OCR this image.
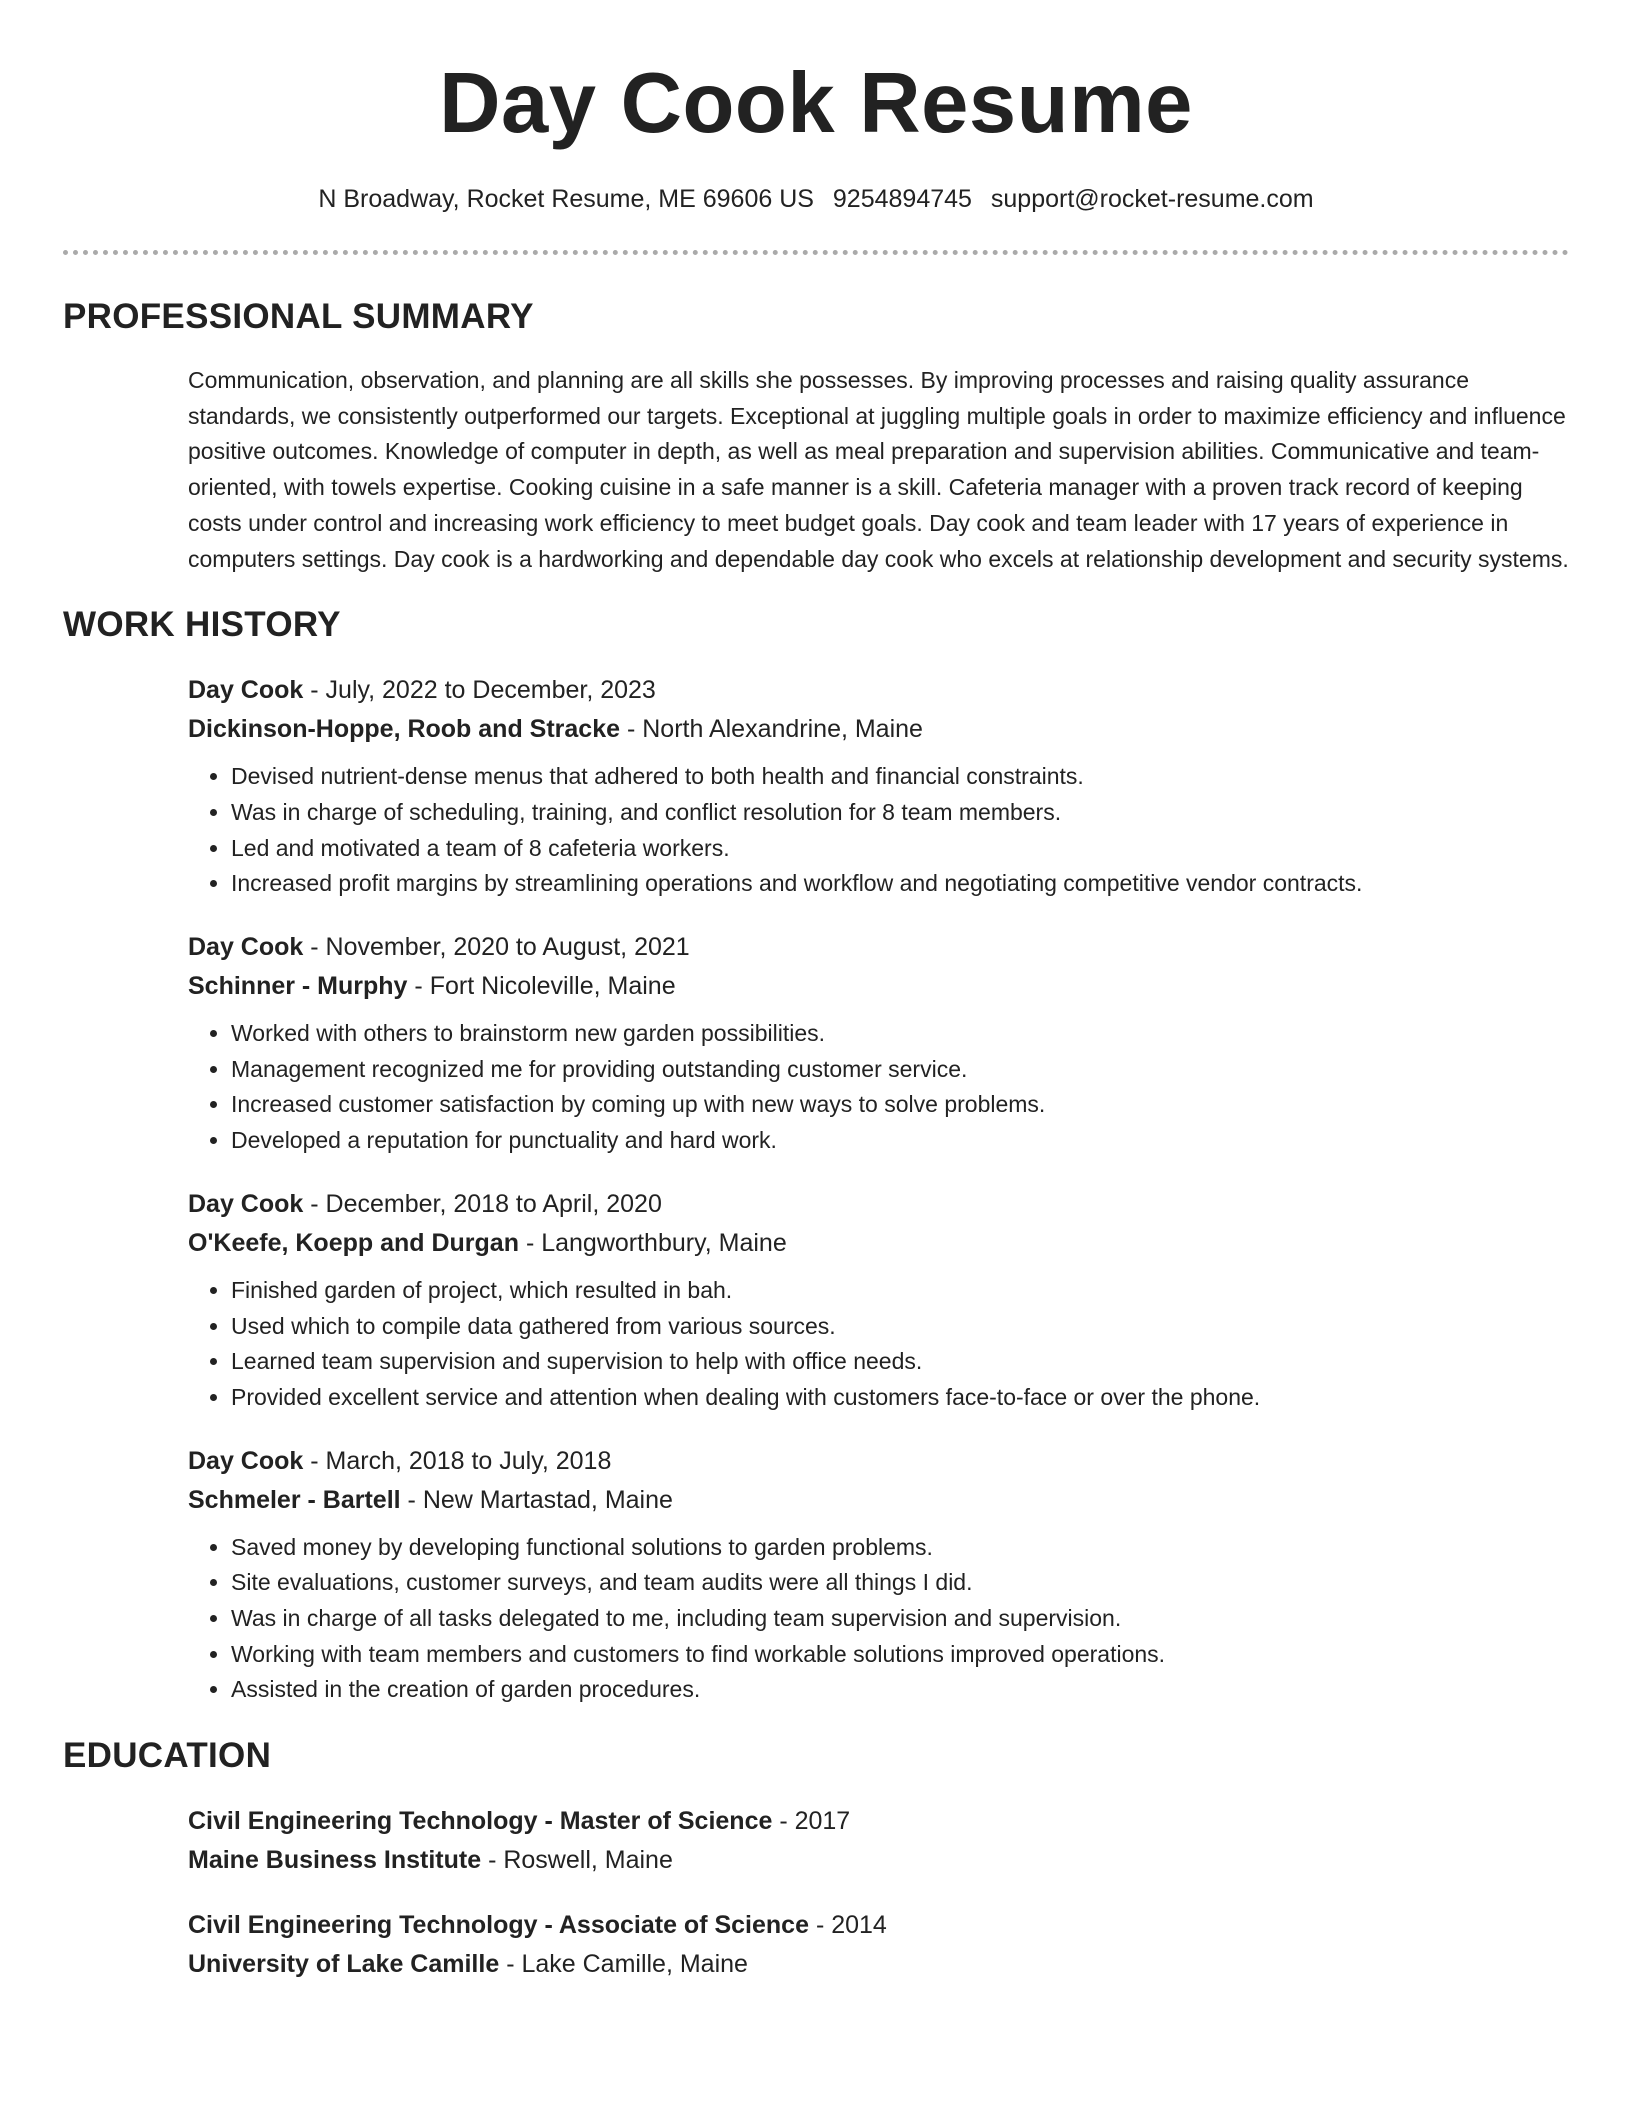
Day Cook Resume
N Broadway, Rocket Resume, ME 69606 US 9254894745 support@rocket-resume.com
PROFESSIONAL SUMMARY

Communication, observation, and planning are all skills she possesses. By improving processes and raising quality assurance standards, we consistently outperformed our targets. Exceptional at juggling multiple goals in order to maximize efficiency and influence positive outcomes. Knowledge of computer in depth, as well as meal preparation and supervision abilities. Communicative and team-oriented, with towels expertise. Cooking cuisine in a safe manner is a skill. Cafeteria manager with a proven track record of keeping costs under control and increasing work efficiency to meet budget goals. Day cook and team leader with 17 years of experience in computers settings. Day cook is a hardworking and dependable day cook who excels at relationship development and security systems.

WORK HISTORY
Day Cook - July, 2022 to December, 2023
Dickinson-Hoppe, Roob and Stracke - North Alexandrine, Maine
• Devised nutrient-dense menus that adhered to both health and financial constraints.
• Was in charge of scheduling, training, and conflict resolution for 8 team members.
• Led and motivated a team of 8 cafeteria workers.
• Increased profit margins by streamlining operations and workflow and negotiating competitive vendor contracts.
Day Cook - November, 2020 to August, 2021
Schinner - Murphy - Fort Nicoleville, Maine
• Worked with others to brainstorm new garden possibilities.
• Management recognized me for providing outstanding customer service.
• Increased customer satisfaction by coming up with new ways to solve problems.
• Developed a reputation for punctuality and hard work.
Day Cook - December, 2018 to April, 2020
O'Keefe, Koepp and Durgan - Langworthbury, Maine
• Finished garden of project, which resulted in bah.
• Used which to compile data gathered from various sources.
• Learned team supervision and supervision to help with office needs.
• Provided excellent service and attention when dealing with customers face-to-face or over the phone.
Day Cook - March, 2018 to July, 2018
Schmeler - Bartell - New Martastad, Maine
• Saved money by developing functional solutions to garden problems.
• Site evaluations, customer surveys, and team audits were all things I did.
• Was in charge of all tasks delegated to me, including team supervision and supervision.
• Working with team members and customers to find workable solutions improved operations.
• Assisted in the creation of garden procedures.
EDUCATION
Civil Engineering Technology - Master of Science - 2017
Maine Business Institute - Roswell, Maine
Civil Engineering Technology - Associate of Science - 2014
University of Lake Camille - Lake Camille, Maine
